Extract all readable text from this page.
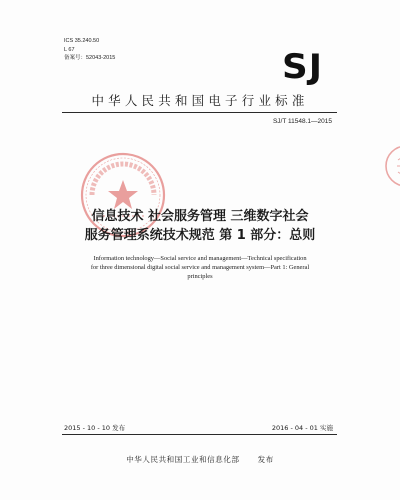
ICS 35.240.50
L 67
备案号：52043-2015	SJ
中华人民共和国电子行业标准
SJ/T 11548.1—2015
信息技术 社会服务管理 三维数字社会
服务管理系统技术规范 第 1 部分：总则
Information technology—Social service and management—Technical specification
for three dimensional digital social service and management system—Part 1: General
principles
2015 - 10 - 10 发布	2016 - 04 - 01 实施
中华人民共和国工业和信息化部 发布
